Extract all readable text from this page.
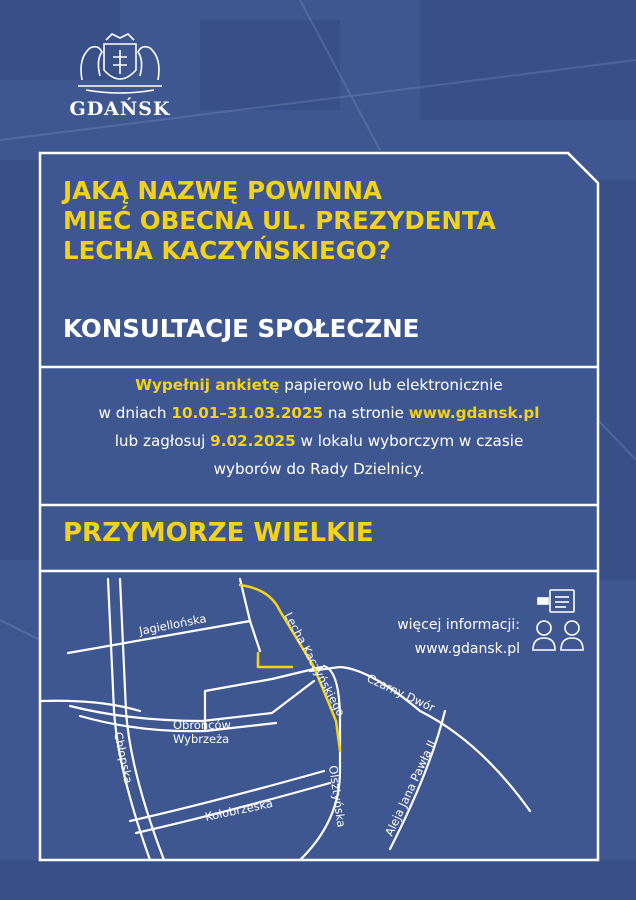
GDAŃSK
JAKĄ NAZWĘ POWINNA
MIEĆ OBECNA UL. PREZYDENTA
LECHA KACZYŃSKIEGO?
KONSULTACJE SPOŁECZNE
Wypełnij ankietę papierowo lub elektronicznie
w dniach 10.01–31.03.2025 na stronie www.gdansk.pl
lub zagłosuj 9.02.2025 w lokalu wyborczym w czasie
wyborów do Rady Dzielnicy.
PRZYMORZE WIELKIE
Jagiellońska	Lecha Kaczyńskiego Czarny Dwór
Obrońców
Wybrzeża
Chłopska
Kołobrzeska	Olsztyńska	Aleja Jana Pawła II
więcej informacji:
www.gdansk.pl
